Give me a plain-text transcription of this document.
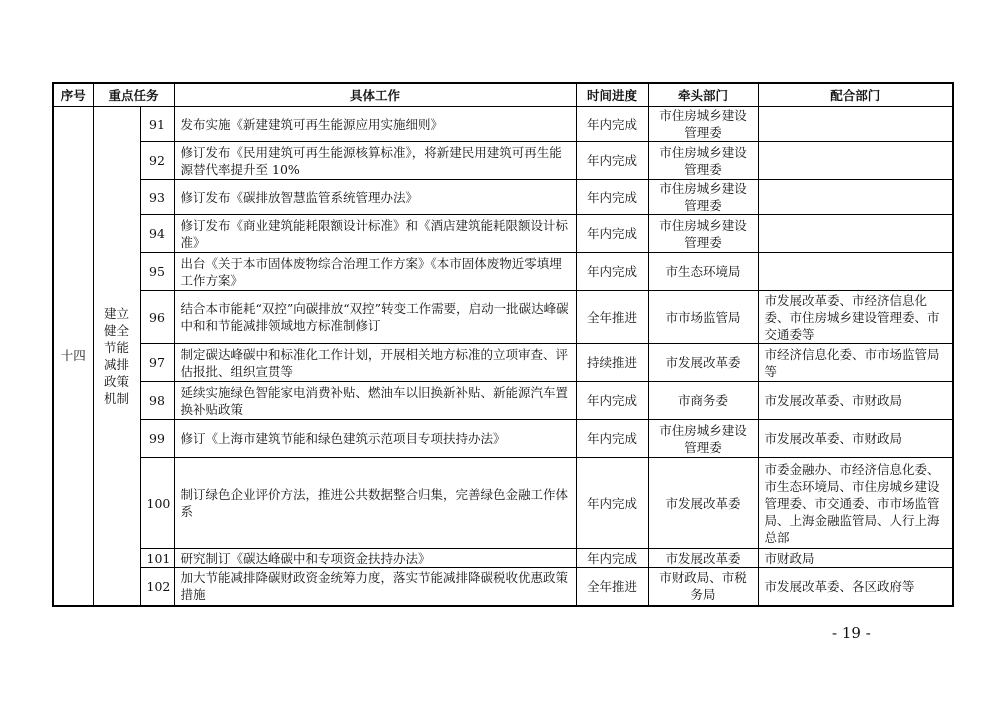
序号	重点任务		具体工作	时间进度	牵头部门	配合部门
十四	建立健全节能减排政策机制	91	发布实施《新建建筑可再生能源应用实施细则》	年内完成	市住房城乡建设管理委	
		92	修订发布《民用建筑可再生能源核算标准》，将新建民用建筑可再生能源替代率提升至 10%	年内完成	市住房城乡建设管理委	
		93	修订发布《碳排放智慧监管系统管理办法》	年内完成	市住房城乡建设管理委	
		94	修订发布《商业建筑能耗限额设计标准》和《酒店建筑能耗限额设计标准》	年内完成	市住房城乡建设管理委	
		95	出台《关于本市固体废物综合治理工作方案》《本市固体废物近零填埋工作方案》	年内完成	市生态环境局	
		96	结合本市能耗“双控”向碳排放“双控”转变工作需要，启动一批碳达峰碳中和和节能减排领域地方标准制修订	全年推进	市市场监管局	市发展改革委、市经济信息化委、市住房城乡建设管理委、市交通委等
		97	制定碳达峰碳中和标准化工作计划，开展相关地方标准的立项审查、评估报批、组织宣贯等	持续推进	市发展改革委	市经济信息化委、市市场监管局等
		98	延续实施绿色智能家电消费补贴、燃油车以旧换新补贴、新能源汽车置换补贴政策	年内完成	市商务委	市发展改革委、市财政局
		99	修订《上海市建筑节能和绿色建筑示范项目专项扶持办法》	年内完成	市住房城乡建设管理委	市发展改革委、市财政局
		100	制订绿色企业评价方法，推进公共数据整合归集，完善绿色金融工作体系	年内完成	市发展改革委	市委金融办、市经济信息化委、市生态环境局、市住房城乡建设管理委、市交通委、市市场监管局、上海金融监管局、人行上海总部
		101	研究制订《碳达峰碳中和专项资金扶持办法》	年内完成	市发展改革委	市财政局
		102	加大节能减排降碳财政资金统筹力度，落实节能减排降碳税收优惠政策措施	全年推进	市财政局、市税务局	市发展改革委、各区政府等
- 19 -
